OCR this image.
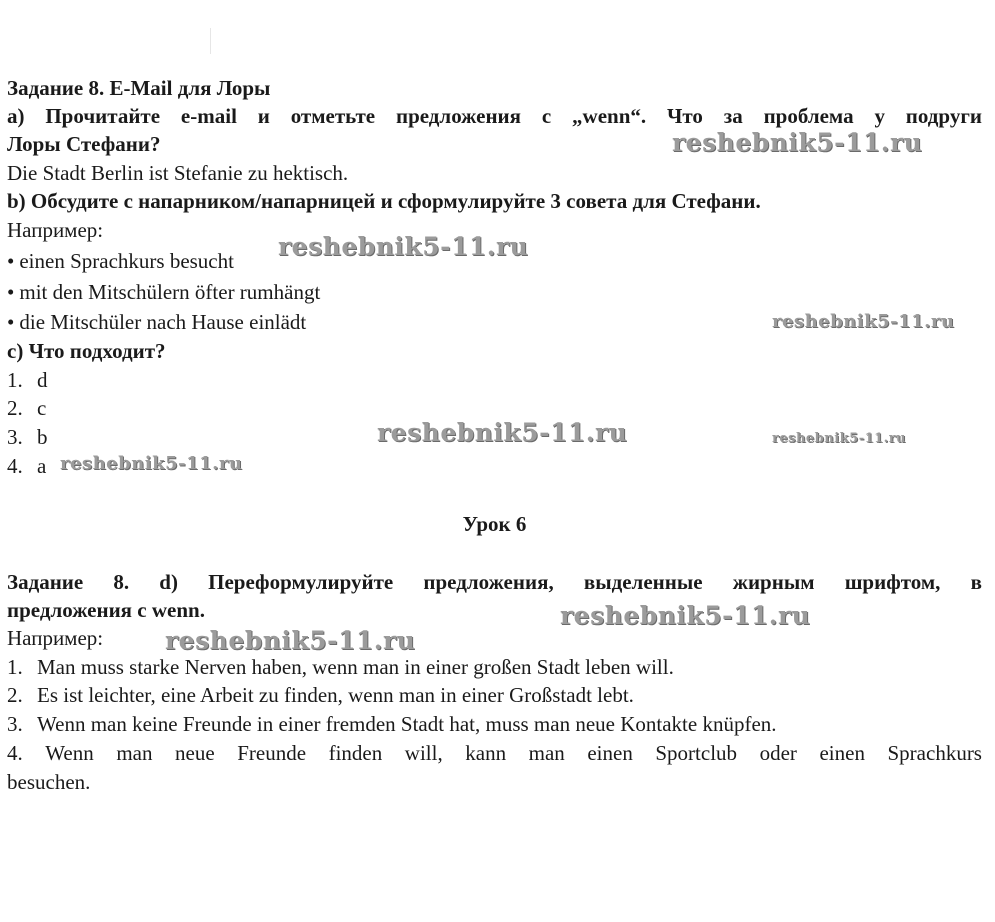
Задание 8. E-Mail для Лоры
a) Прочитайте e-mail и отметьте предложения с „wenn“. Что за проблема у подруги
Лоры Стефани?
Die Stadt Berlin ist Stefanie zu hektisch.
b) Обсудите с напарником/напарницей и сформулируйте 3 совета для Стефани.
Например:
• einen Sprachkurs besucht
• mit den Mitschülern öfter rumhängt
• die Mitschüler nach Hause einlädt
с) Что подходит?
1. d
2. c
3. b
4. a
Урок 6
Задание 8. d) Переформулируйте предложения, выделенные жирным шрифтом, в
предложения с wenn.
Например:
1. Man muss starke Nerven haben, wenn man in einer großen Stadt leben will.
2. Es ist leichter, eine Arbeit zu finden, wenn man in einer Großstadt lebt.
3. Wenn man keine Freunde in einer fremden Stadt hat, muss man neue Kontakte knüpfen.
4. Wenn man neue Freunde finden will, kann man einen Sportclub oder einen Sprachkurs
besuchen.
reshebnik5-11.ru
reshebnik5-11.ru
reshebnik5-11.ru
reshebnik5-11.ru	reshebnik5-11.ru
reshebnik5-11.ru
reshebnik5-11.ru
reshebnik5-11.ru
